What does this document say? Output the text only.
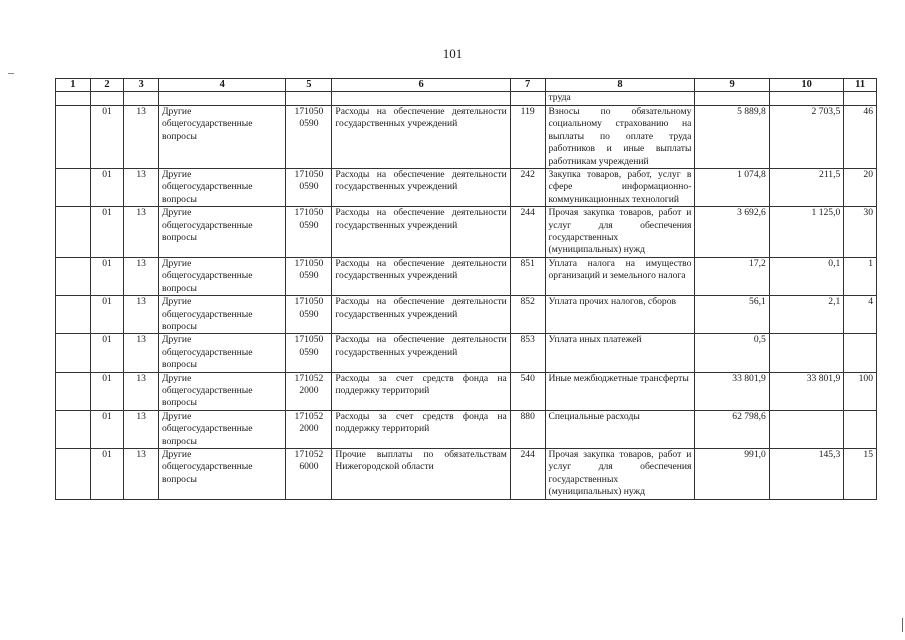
101
1	2	3	4	5	6	7	8	9	10	11
							труда			
	01	13	Другие общегосударственные вопросы	171050 0590	Расходы на обеспечение деятельности государственных учреждений	119	Взносы по обязательному социальному страхованию на выплаты по оплате труда работников и иные выплаты работникам учреждений	5 889,8	2 703,5	46
	01	13	Другие общегосударственные вопросы	171050 0590	Расходы на обеспечение деятельности государственных учреждений	242	Закупка товаров, работ, услуг в сфере информационно-коммуникационных технологий	1 074,8	211,5	20
	01	13	Другие общегосударственные вопросы	171050 0590	Расходы на обеспечение деятельности государственных учреждений	244	Прочая закупка товаров, работ и услуг для обеспечения государственных (муниципальных) нужд	3 692,6	1 125,0	30
	01	13	Другие общегосударственные вопросы	171050 0590	Расходы на обеспечение деятельности государственных учреждений	851	Уплата налога на имущество организаций и земельного налога	17,2	0,1	1
	01	13	Другие общегосударственные вопросы	171050 0590	Расходы на обеспечение деятельности государственных учреждений	852	Уплата прочих налогов, сборов	56,1	2,1	4
	01	13	Другие общегосударственные вопросы	171050 0590	Расходы на обеспечение деятельности государственных учреждений	853	Уплата иных платежей	0,5		
	01	13	Другие общегосударственные вопросы	171052 2000	Расходы за счет средств фонда на поддержку территорий	540	Иные межбюджетные трансферты	33 801,9	33 801,9	100
	01	13	Другие общегосударственные вопросы	171052 2000	Расходы за счет средств фонда на поддержку территорий	880	Специальные расходы	62 798,6		
	01	13	Другие общегосударственные вопросы	171052 6000	Прочие выплаты по обязательствам Нижегородской области	244	Прочая закупка товаров, работ и услуг для обеспечения государственных (муниципальных) нужд	991,0	145,3	15
